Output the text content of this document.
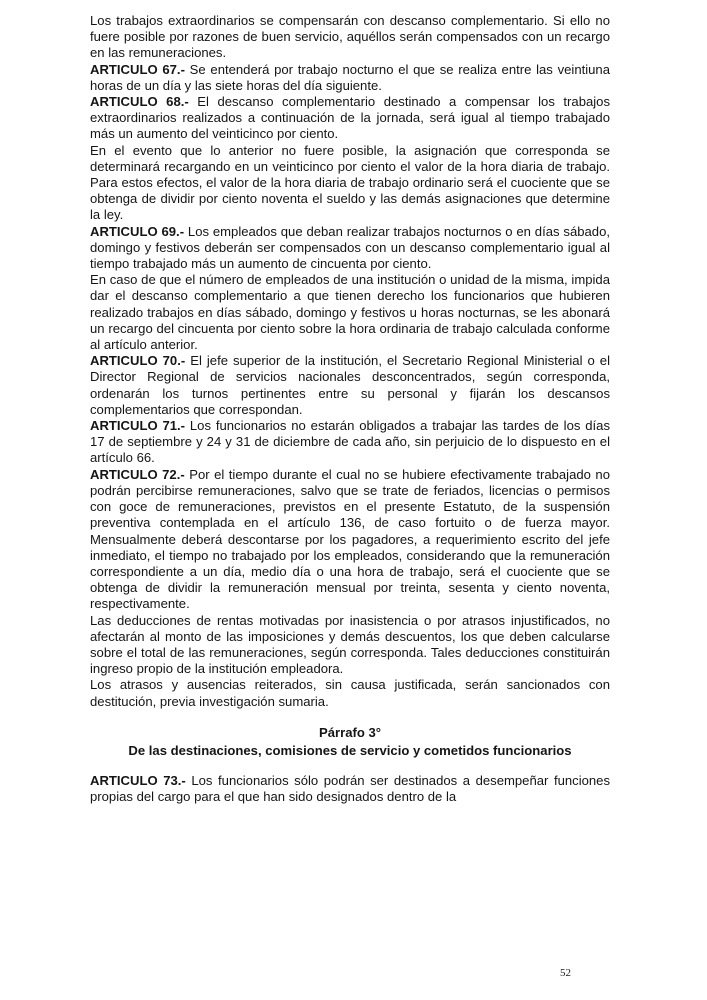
Los trabajos extraordinarios se compensarán con descanso complementario. Si ello no fuere posible por razones de buen servicio, aquéllos serán compensados con un recargo en las remuneraciones.

ARTICULO 67.- Se entenderá por trabajo nocturno el que se realiza entre las veintiuna horas de un día y las siete horas del día siguiente.

ARTICULO 68.- El descanso complementario destinado a compensar los trabajos extraordinarios realizados a continuación de la jornada, será igual al tiempo trabajado más un aumento del veinticinco por ciento.

En el evento que lo anterior no fuere posible, la asignación que corresponda se determinará recargando en un veinticinco por ciento el valor de la hora diaria de trabajo. Para estos efectos, el valor de la hora diaria de trabajo ordinario será el cuociente que se obtenga de dividir por ciento noventa el sueldo y las demás asignaciones que determine la ley.

ARTICULO 69.- Los empleados que deban realizar trabajos nocturnos o en días sábado, domingo y festivos deberán ser compensados con un descanso complementario igual al tiempo trabajado más un aumento de cincuenta por ciento.

En caso de que el número de empleados de una institución o unidad de la misma, impida dar el descanso complementario a que tienen derecho los funcionarios que hubieren realizado trabajos en días sábado, domingo y festivos u horas nocturnas, se les abonará un recargo del cincuenta por ciento sobre la hora ordinaria de trabajo calculada conforme al artículo anterior.

ARTICULO 70.- El jefe superior de la institución, el Secretario Regional Ministerial o el Director Regional de servicios nacionales desconcentrados, según corresponda, ordenarán los turnos pertinentes entre su personal y fijarán los descansos complementarios que correspondan.

ARTICULO 71.- Los funcionarios no estarán obligados a trabajar las tardes de los días 17 de septiembre y 24 y 31 de diciembre de cada año, sin perjuicio de lo dispuesto en el artículo 66.

ARTICULO 72.- Por el tiempo durante el cual no se hubiere efectivamente trabajado no podrán percibirse remuneraciones, salvo que se trate de feriados, licencias o permisos con goce de remuneraciones, previstos en el presente Estatuto, de la suspensión preventiva contemplada en el artículo 136, de caso fortuito o de fuerza mayor. Mensualmente deberá descontarse por los pagadores, a requerimiento escrito del jefe inmediato, el tiempo no trabajado por los empleados, considerando que la remuneración correspondiente a un día, medio día o una hora de trabajo, será el cuociente que se obtenga de dividir la remuneración mensual por treinta, sesenta y ciento noventa, respectivamente.

Las deducciones de rentas motivadas por inasistencia o por atrasos injustificados, no afectarán al monto de las imposiciones y demás descuentos, los que deben calcularse sobre el total de las remuneraciones, según corresponda. Tales deducciones constituirán ingreso propio de la institución empleadora.

Los atrasos y ausencias reiterados, sin causa justificada, serán sancionados con destitución, previa investigación sumaria.

Párrafo 3°

De las destinaciones, comisiones de servicio y cometidos funcionarios

ARTICULO 73.- Los funcionarios sólo podrán ser destinados a desempeñar funciones propias del cargo para el que han sido designados dentro de la

52
